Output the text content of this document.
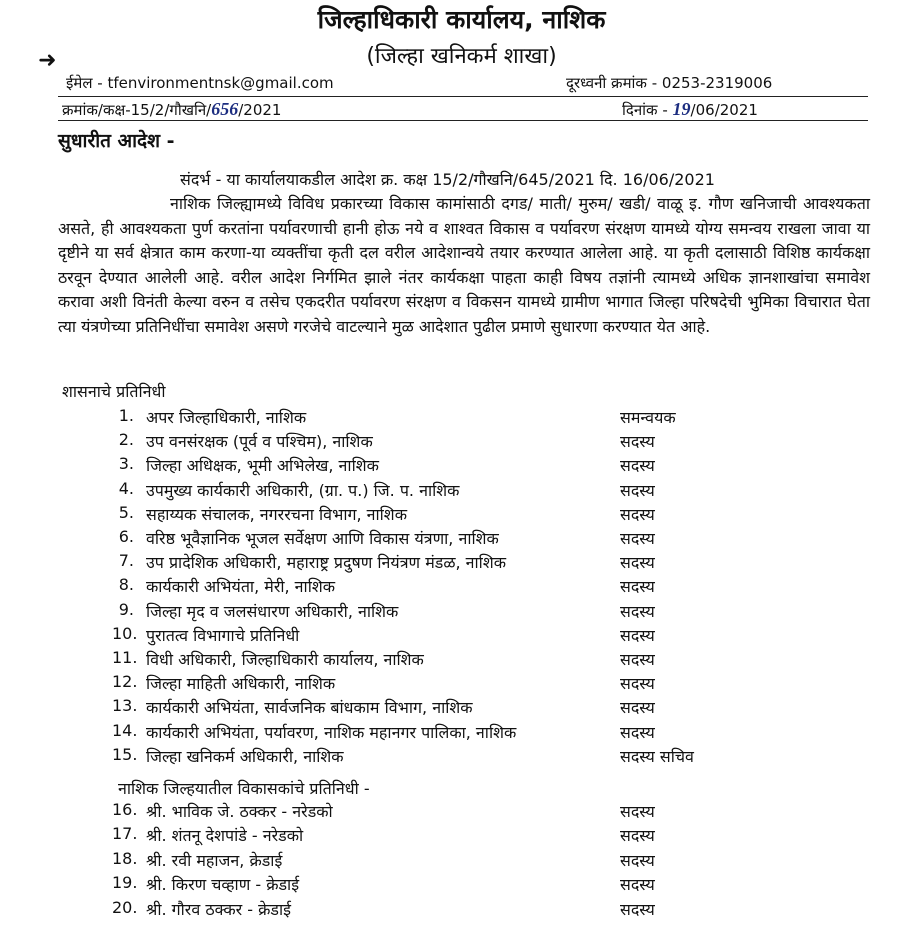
जिल्हाधिकारी कार्यालय, नाशिक
(जिल्हा खनिकर्म शाखा)
➜
ईमेल - tfenvironmentnsk@gmail.com	दूरध्वनी क्रमांक - 0253-2319006
क्रमांक/कक्ष-15/2/गौखनि/656/2021	दिनांक - 19/06/2021
सुधारीत आदेश -
संदर्भ - या कार्यालयाकडील आदेश क्र. कक्ष 15/2/गौखनि/645/2021 दि. 16/06/2021
नाशिक जिल्ह्यामध्ये विविध प्रकारच्या विकास कामांसाठी दगड/ माती/ मुरुम/ खडी/ वाळू इ. गौण खनिजाची आवश्यकता असते, ही आवश्यकता पुर्ण करतांना पर्यावरणाची हानी होऊ नये व शाश्वत विकास व पर्यावरण संरक्षण यामध्ये योग्य समन्वय राखला जावा या दृष्टीने या सर्व क्षेत्रात काम करणा-या व्यक्तींचा कृती दल वरील आदेशान्वये तयार करण्यात आलेला आहे. या कृती दलासाठी विशिष्ठ कार्यकक्षा ठरवून देण्यात आलेली आहे. वरील आदेश निर्गमित झाले नंतर कार्यकक्षा पाहता काही विषय तज्ञांनी त्यामध्ये अधिक ज्ञानशाखांचा समावेश करावा अशी विनंती केल्या वरुन व तसेच एकदरीत पर्यावरण संरक्षण व विकसन यामध्ये ग्रामीण भागात जिल्हा परिषदेची भुमिका विचारात घेता त्या यंत्रणेच्या प्रतिनिधींचा समावेश असणे गरजेचे वाटल्याने मुळ आदेशात पुढील प्रमाणे सुधारणा करण्यात येत आहे.
शासनाचे प्रतिनिधी
1. अपर जिल्हाधिकारी, नाशिक	समन्वयक
2. उप वनसंरक्षक (पूर्व व पश्चिम), नाशिक	सदस्य
3. जिल्हा अधिक्षक, भूमी अभिलेख, नाशिक	सदस्य
4. उपमुख्य कार्यकारी अधिकारी, (ग्रा. प.) जि. प. नाशिक	सदस्य
5. सहाय्यक संचालक, नगररचना विभाग, नाशिक	सदस्य
6. वरिष्ठ भूवैज्ञानिक भूजल सर्वेक्षण आणि विकास यंत्रणा, नाशिक	सदस्य
7. उप प्रादेशिक अधिकारी, महाराष्ट्र प्रदुषण नियंत्रण मंडळ, नाशिक	सदस्य
8. कार्यकारी अभियंता, मेरी, नाशिक	सदस्य
9. जिल्हा मृद व जलसंधारण अधिकारी, नाशिक	सदस्य
10. पुरातत्व विभागाचे प्रतिनिधी	सदस्य
11. विधी अधिकारी, जिल्हाधिकारी कार्यालय, नाशिक	सदस्य
12. जिल्हा माहिती अधिकारी, नाशिक	सदस्य
13. कार्यकारी अभियंता, सार्वजनिक बांधकाम विभाग, नाशिक	सदस्य
14. कार्यकारी अभियंता, पर्यावरण, नाशिक महानगर पालिका, नाशिक	सदस्य
15. जिल्हा खनिकर्म अधिकारी, नाशिक	सदस्य सचिव
नाशिक जिल्हयातील विकासकांचे प्रतिनिधी -
16. श्री. भाविक जे. ठक्कर - नरेडको	सदस्य
17. श्री. शंतनू देशपांडे - नरेडको	सदस्य
18. श्री. रवी महाजन, क्रेडाई	सदस्य
19. श्री. किरण चव्हाण - क्रेडाई	सदस्य
20. श्री. गौरव ठक्कर - क्रेडाई	सदस्य
